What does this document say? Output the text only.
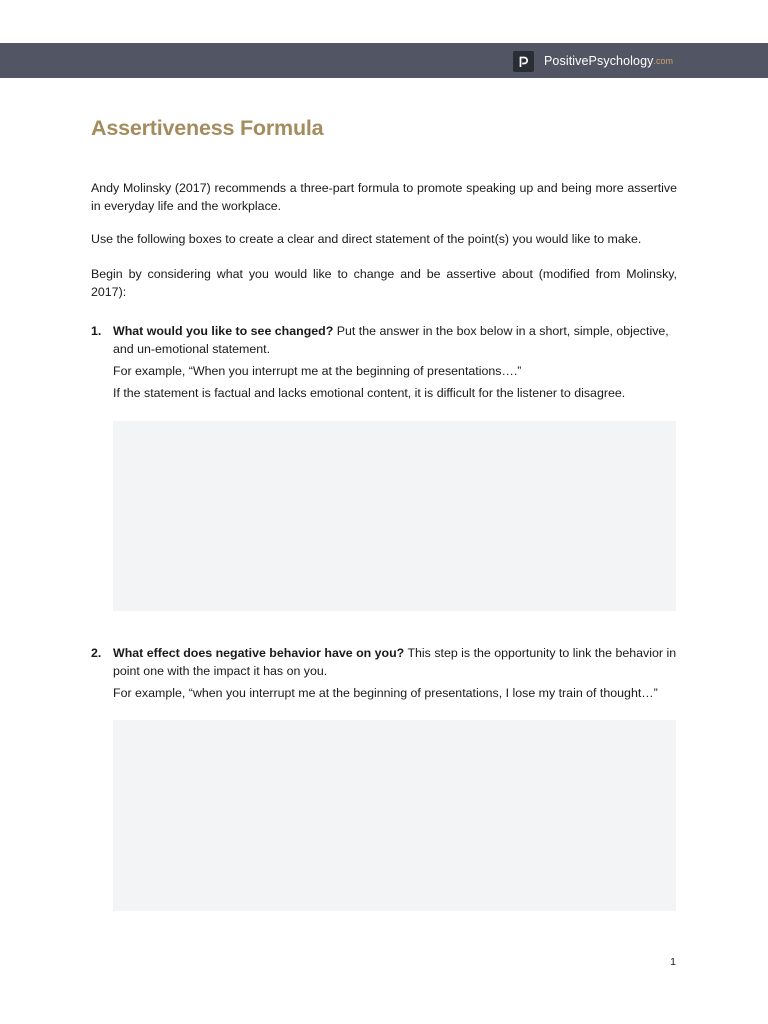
PositivePsychology .com
Assertiveness Formula

Andy Molinsky (2017) recommends a three-part formula to promote speaking up and being more assertive in everyday life and the workplace.

Use the following boxes to create a clear and direct statement of the point(s) you would like to make.

Begin by considering what you would like to change and be assertive about (modified from Molinsky, 2017):

1. What would you like to see changed? Put the answer in the box below in a short, simple, objective, and un-emotional statement.

For example, “When you interrupt me at the beginning of presentations….”

If the statement is factual and lacks emotional content, it is difficult for the listener to disagree.

2. What effect does negative behavior have on you? This step is the opportunity to link the behavior in point one with the impact it has on you.

For example, “when you interrupt me at the beginning of presentations, I lose my train of thought…”

1
